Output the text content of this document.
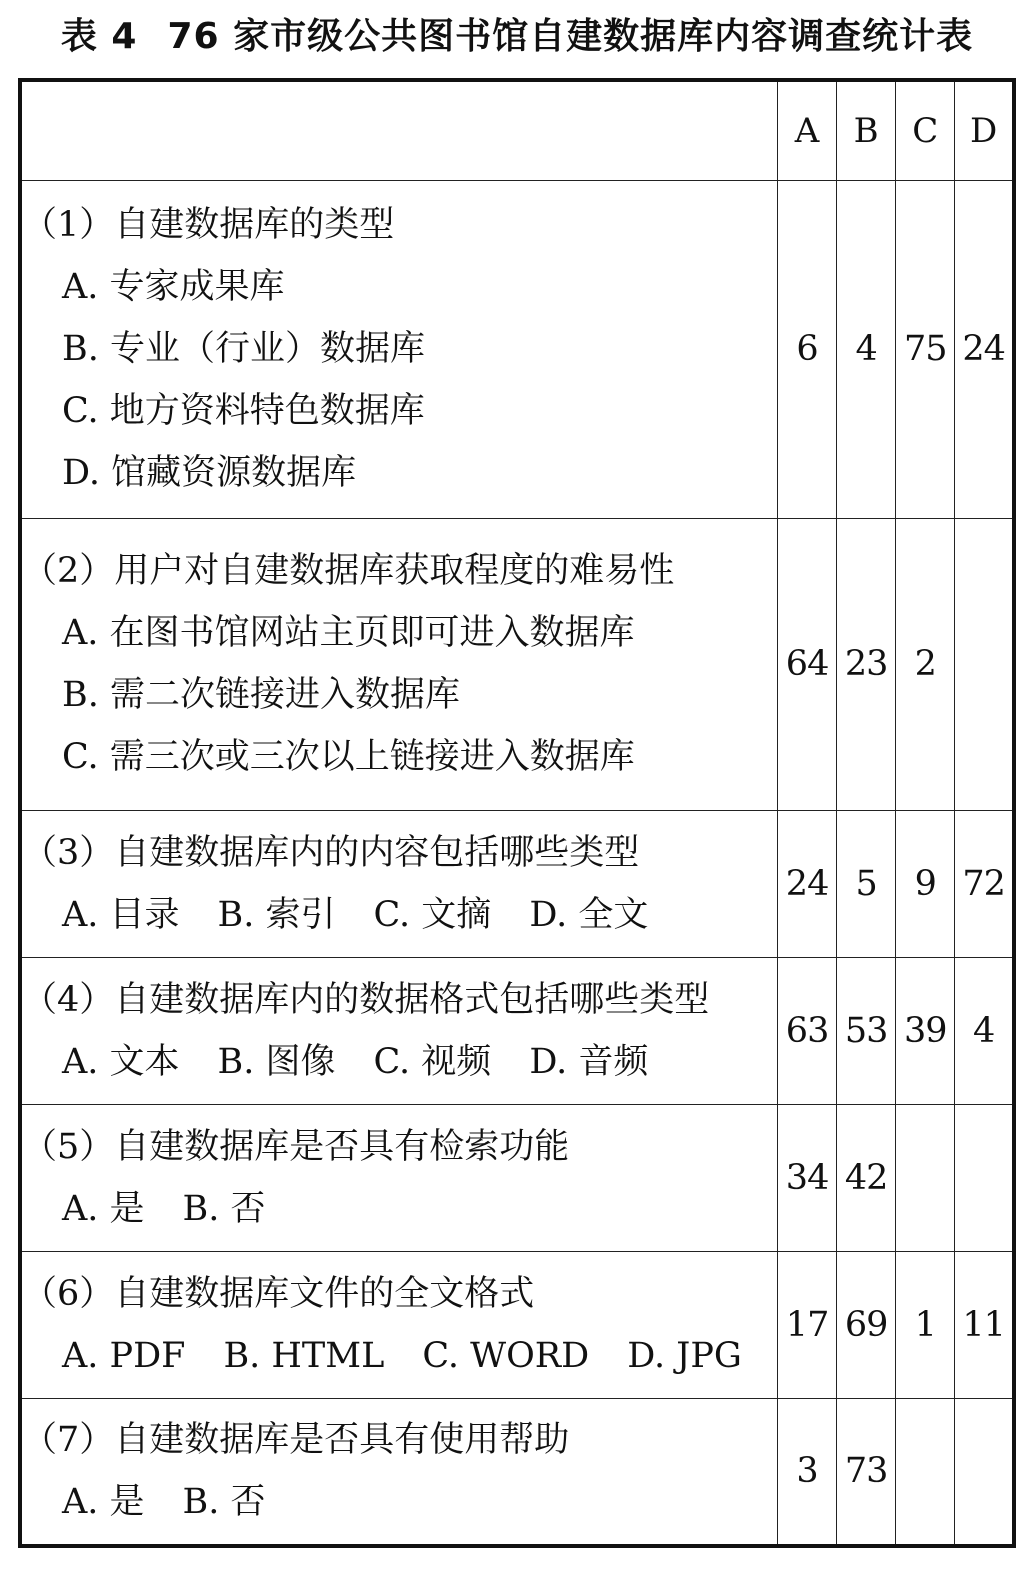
表 4 76 家市级公共图书馆自建数据库内容调查统计表
	A	B	C	D

（1）自建数据库的类型
A. 专家成果库
B. 专业（行业）数据库
C. 地方资料特色数据库
D. 馆藏资源数据库	6	4	75	24

（2）用户对自建数据库获取程度的难易性
A. 在图书馆网站主页即可进入数据库
B. 需二次链接进入数据库
C. 需三次或三次以上链接进入数据库	64	23	2	

（3）自建数据库内的内容包括哪些类型
A. 目录 B. 索引 C. 文摘 D. 全文	24	5	9	72

（4）自建数据库内的数据格式包括哪些类型
A. 文本 B. 图像 C. 视频 D. 音频	63	53	39	4

（5）自建数据库是否具有检索功能
A. 是 B. 否	34	42		

（6）自建数据库文件的全文格式
A. PDF B. HTML C. WORD D. JPG	17	69	1	11

（7）自建数据库是否具有使用帮助
A. 是 B. 否	3	73		
